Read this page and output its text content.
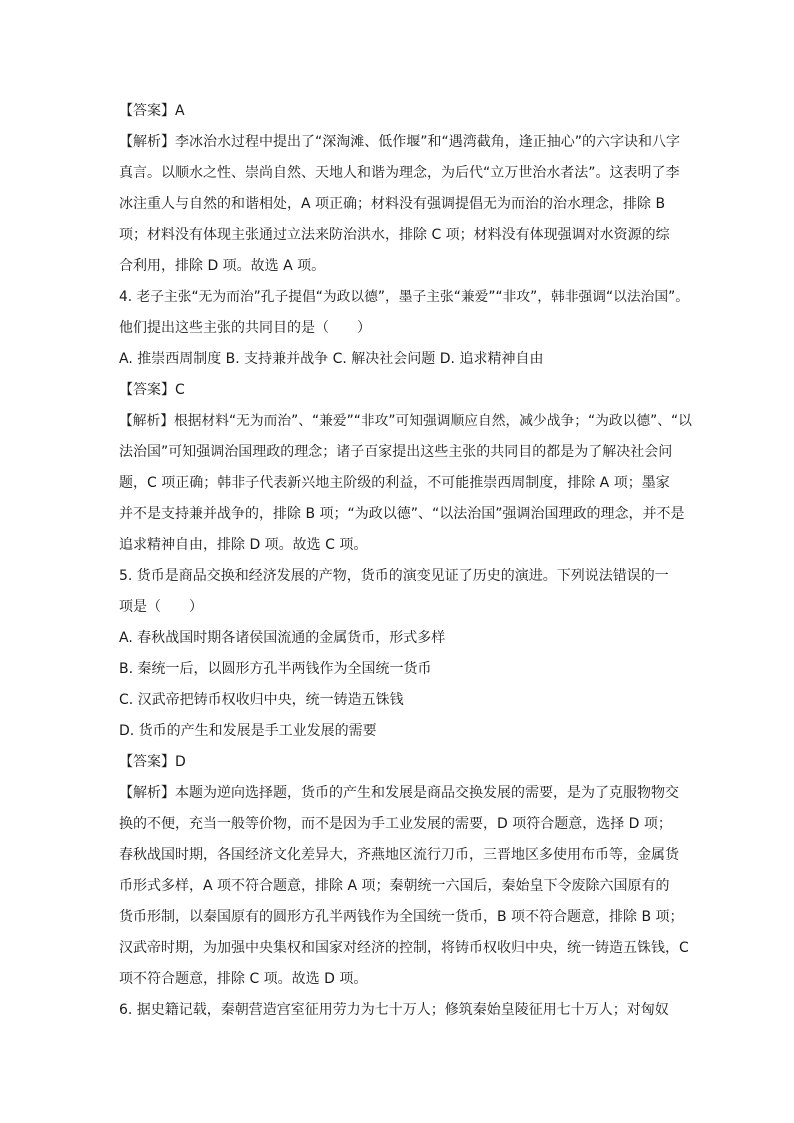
【答案】A
【解析】李冰治水过程中提出了“深淘滩、低作堰”和“遇湾截角，逢正抽心”的六字诀和八字
真言。以顺水之性、崇尚自然、天地人和谐为理念，为后代“立万世治水者法”。这表明了李
冰注重人与自然的和谐相处，A 项正确；材料没有强调提倡无为而治的治水理念，排除 B
项；材料没有体现主张通过立法来防治洪水，排除 C 项；材料没有体现强调对水资源的综
合利用，排除 D 项。故选 A 项。
4. 老子主张“无为而治”孔子提倡“为政以德”，墨子主张“兼爱”“非攻”，韩非强调“以法治国”。
他们提出这些主张的共同目的是（　　）
A. 推崇西周制度 B. 支持兼并战争 C. 解决社会问题 D. 追求精神自由
【答案】C
【解析】根据材料“无为而治”、“兼爱”“非攻”可知强调顺应自然，减少战争；“为政以德”、“以
法治国”可知强调治国理政的理念；诸子百家提出这些主张的共同目的都是为了解决社会问
题，C 项正确；韩非子代表新兴地主阶级的利益，不可能推崇西周制度，排除 A 项；墨家
并不是支持兼并战争的，排除 B 项；“为政以德”、“以法治国”强调治国理政的理念，并不是
追求精神自由，排除 D 项。故选 C 项。
5. 货币是商品交换和经济发展的产物，货币的演变见证了历史的演进。下列说法错误的一
项是（　　）
A. 春秋战国时期各诸侯国流通的金属货币，形式多样
B. 秦统一后，以圆形方孔半两钱作为全国统一货币
C. 汉武帝把铸币权收归中央，统一铸造五铢钱
D. 货币的产生和发展是手工业发展的需要
【答案】D
【解析】本题为逆向选择题，货币的产生和发展是商品交换发展的需要，是为了克服物物交
换的不便，充当一般等价物，而不是因为手工业发展的需要，D 项符合题意，选择 D 项；
春秋战国时期，各国经济文化差异大，齐燕地区流行刀币，三晋地区多使用布币等，金属货
币形式多样，A 项不符合题意，排除 A 项；秦朝统一六国后，秦始皇下令废除六国原有的
货币形制，以秦国原有的圆形方孔半两钱作为全国统一货币，B 项不符合题意，排除 B 项；
汉武帝时期，为加强中央集权和国家对经济的控制，将铸币权收归中央，统一铸造五铢钱，C
项不符合题意，排除 C 项。故选 D 项。
6. 据史籍记载，秦朝营造宫室征用劳力为七十万人；修筑秦始皇陵征用七十万人；对匈奴
